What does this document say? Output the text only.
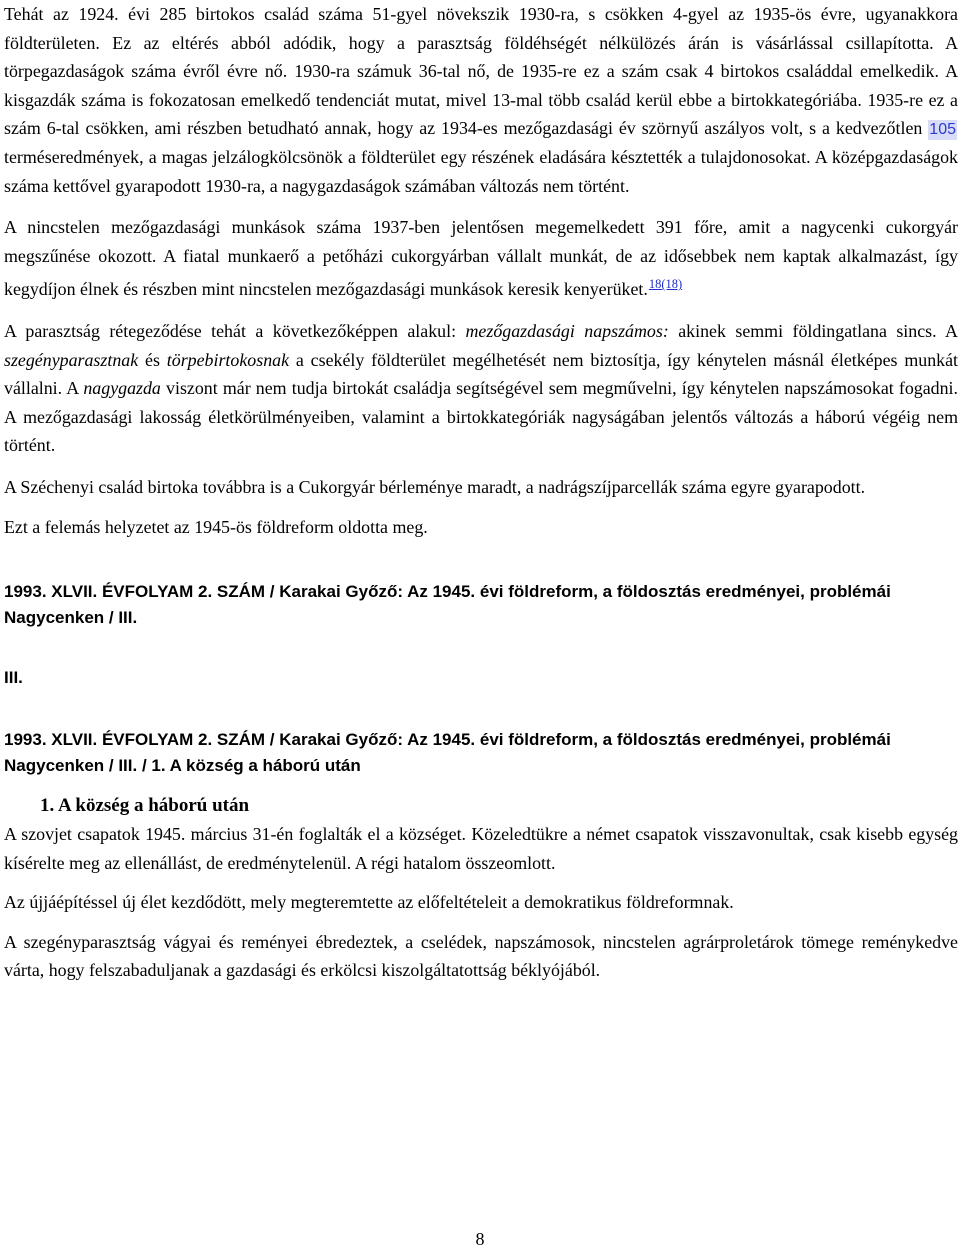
Tehát az 1924. évi 285 birtokos család száma 51-gyel növekszik 1930-ra, s csökken 4-gyel az 1935-ös évre, ugyanakkora földterületen. Ez az eltérés abból adódik, hogy a parasztság földéhségét nélkülözés árán is vásárlással csillapította. A törpegazdaságok száma évről évre nő. 1930-ra számuk 36-tal nő, de 1935-re ez a szám csak 4 birtokos családdal emelkedik. A kisgazdák száma is fokozatosan emelkedő tendenciát mutat, mivel 13-mal több család kerül ebbe a birtokkategóriába. 1935-re ez a szám 6-tal csökken, ami részben betudható annak, hogy az 1934-es mezőgazdasági év szörnyű aszályos volt, s a kedvezőtlen 105terméseredmények, a magas jelzálogkölcsönök a földterület egy részének eladására késztették a tulajdonosokat. A középgazdaságok száma kettővel gyarapodott 1930-ra, a nagygazdaságok számában változás nem történt.

A nincstelen mezőgazdasági munkások száma 1937-ben jelentősen megemelkedett 391 főre, amit a nagycenki cukorgyár megszűnése okozott. A fiatal munkaerő a petőházi cukorgyárban vállalt munkát, de az idősebbek nem kaptak alkalmazást, így kegydíjon élnek és részben mint nincstelen mezőgazdasági munkások keresik kenyerüket.$^{18(18)}$

A parasztság rétegeződése tehát a következőképpen alakul: mezőgazdasági napszámos: akinek semmi földingatlana sincs. A szegényparasztnak és törpebirtokosnak a csekély földterület megélhetését nem biztosítja, így kénytelen másnál életképes munkát vállalni. A nagygazda viszont már nem tudja birtokát családja segítségével sem megművelni, így kénytelen napszámosokat fogadni. A mezőgazdasági lakosság életkörülményeiben, valamint a birtokkategóriák nagyságában jelentős változás a háború végéig nem történt.

A Széchenyi család birtoka továbbra is a Cukorgyár bérleménye maradt, a nadrágszíjparcellák száma egyre gyarapodott.

Ezt a felemás helyzetet az 1945-ös földreform oldotta meg.

1993. XLVII. ÉVFOLYAM 2. SZÁM / Karakai Győző: Az 1945. évi földreform, a földosztás eredményei, problémái Nagycenken / III.

III.

1993. XLVII. ÉVFOLYAM 2. SZÁM / Karakai Győző: Az 1945. évi földreform, a földosztás eredményei, problémái Nagycenken / III. / 1. A község a háború után

1. A község a háború után

A szovjet csapatok 1945. március 31-én foglalták el a községet. Közeledtükre a német csapatok visszavonultak, csak kisebb egység kísérelte meg az ellenállást, de eredménytelenül. A régi hatalom összeomlott.

Az újjáépítéssel új élet kezdődött, mely megteremtette az előfeltételeit a demokratikus földreformnak.

A szegényparasztság vágyai és reményei ébredeztek, a cselédek, napszámosok, nincstelen agrárproletárok tömege reménykedve várta, hogy felszabaduljanak a gazdasági és erkölcsi kiszolgáltatottság béklyójából.

8
